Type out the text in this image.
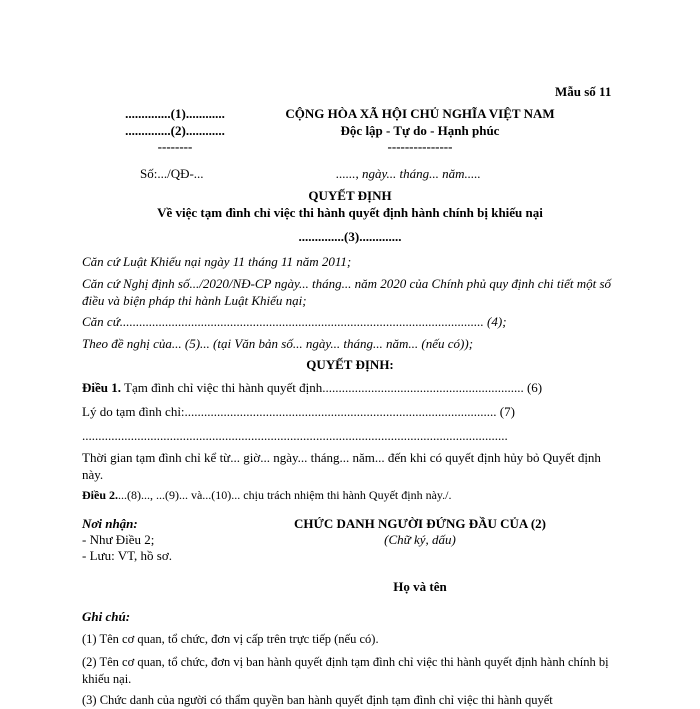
Mẫu số 11
..............(1)............
..............(2)............
--------
CỘNG HÒA XÃ HỘI CHỦ NGHĨA VIỆT NAM
Độc lập - Tự do - Hạnh phúc
---------------
Số:.../QĐ-...	......, ngày... tháng... năm.....
QUYẾT ĐỊNH
Về việc tạm đình chỉ việc thi hành quyết định hành chính bị khiếu nại
..............(3).............
Căn cứ Luật Khiếu nại ngày 11 tháng 11 năm 2011;
Căn cứ Nghị định số.../2020/NĐ-CP ngày... tháng... năm 2020 của Chính phủ quy định chi tiết một số điều và biện pháp thi hành Luật Khiếu nại;
Căn cứ................................................................................................................ (4);
Theo đề nghị của... (5)... (tại Văn bản số... ngày... tháng... năm... (nếu có));
QUYẾT ĐỊNH:
Điều 1. Tạm đình chỉ việc thi hành quyết định.............................................................. (6)
Lý do tạm đình chỉ:................................................................................................ (7)
...................................................................................................................................
Thời gian tạm đình chỉ kể từ... giờ... ngày... tháng... năm... đến khi có quyết định hủy bỏ Quyết định này.
Điều 2....(8)..., ...(9)... và...(10)... chịu trách nhiệm thi hành Quyết định này./.
Nơi nhận:
- Như Điều 2;
- Lưu: VT, hồ sơ.
CHỨC DANH NGƯỜI ĐỨNG ĐẦU CỦA (2)
(Chữ ký, dấu)
Họ và tên
Ghi chú:
(1) Tên cơ quan, tổ chức, đơn vị cấp trên trực tiếp (nếu có).
(2) Tên cơ quan, tổ chức, đơn vị ban hành quyết định tạm đình chỉ việc thi hành quyết định hành chính bị khiếu nại.
(3) Chức danh của người có thẩm quyền ban hành quyết định tạm đình chỉ việc thi hành quyết
